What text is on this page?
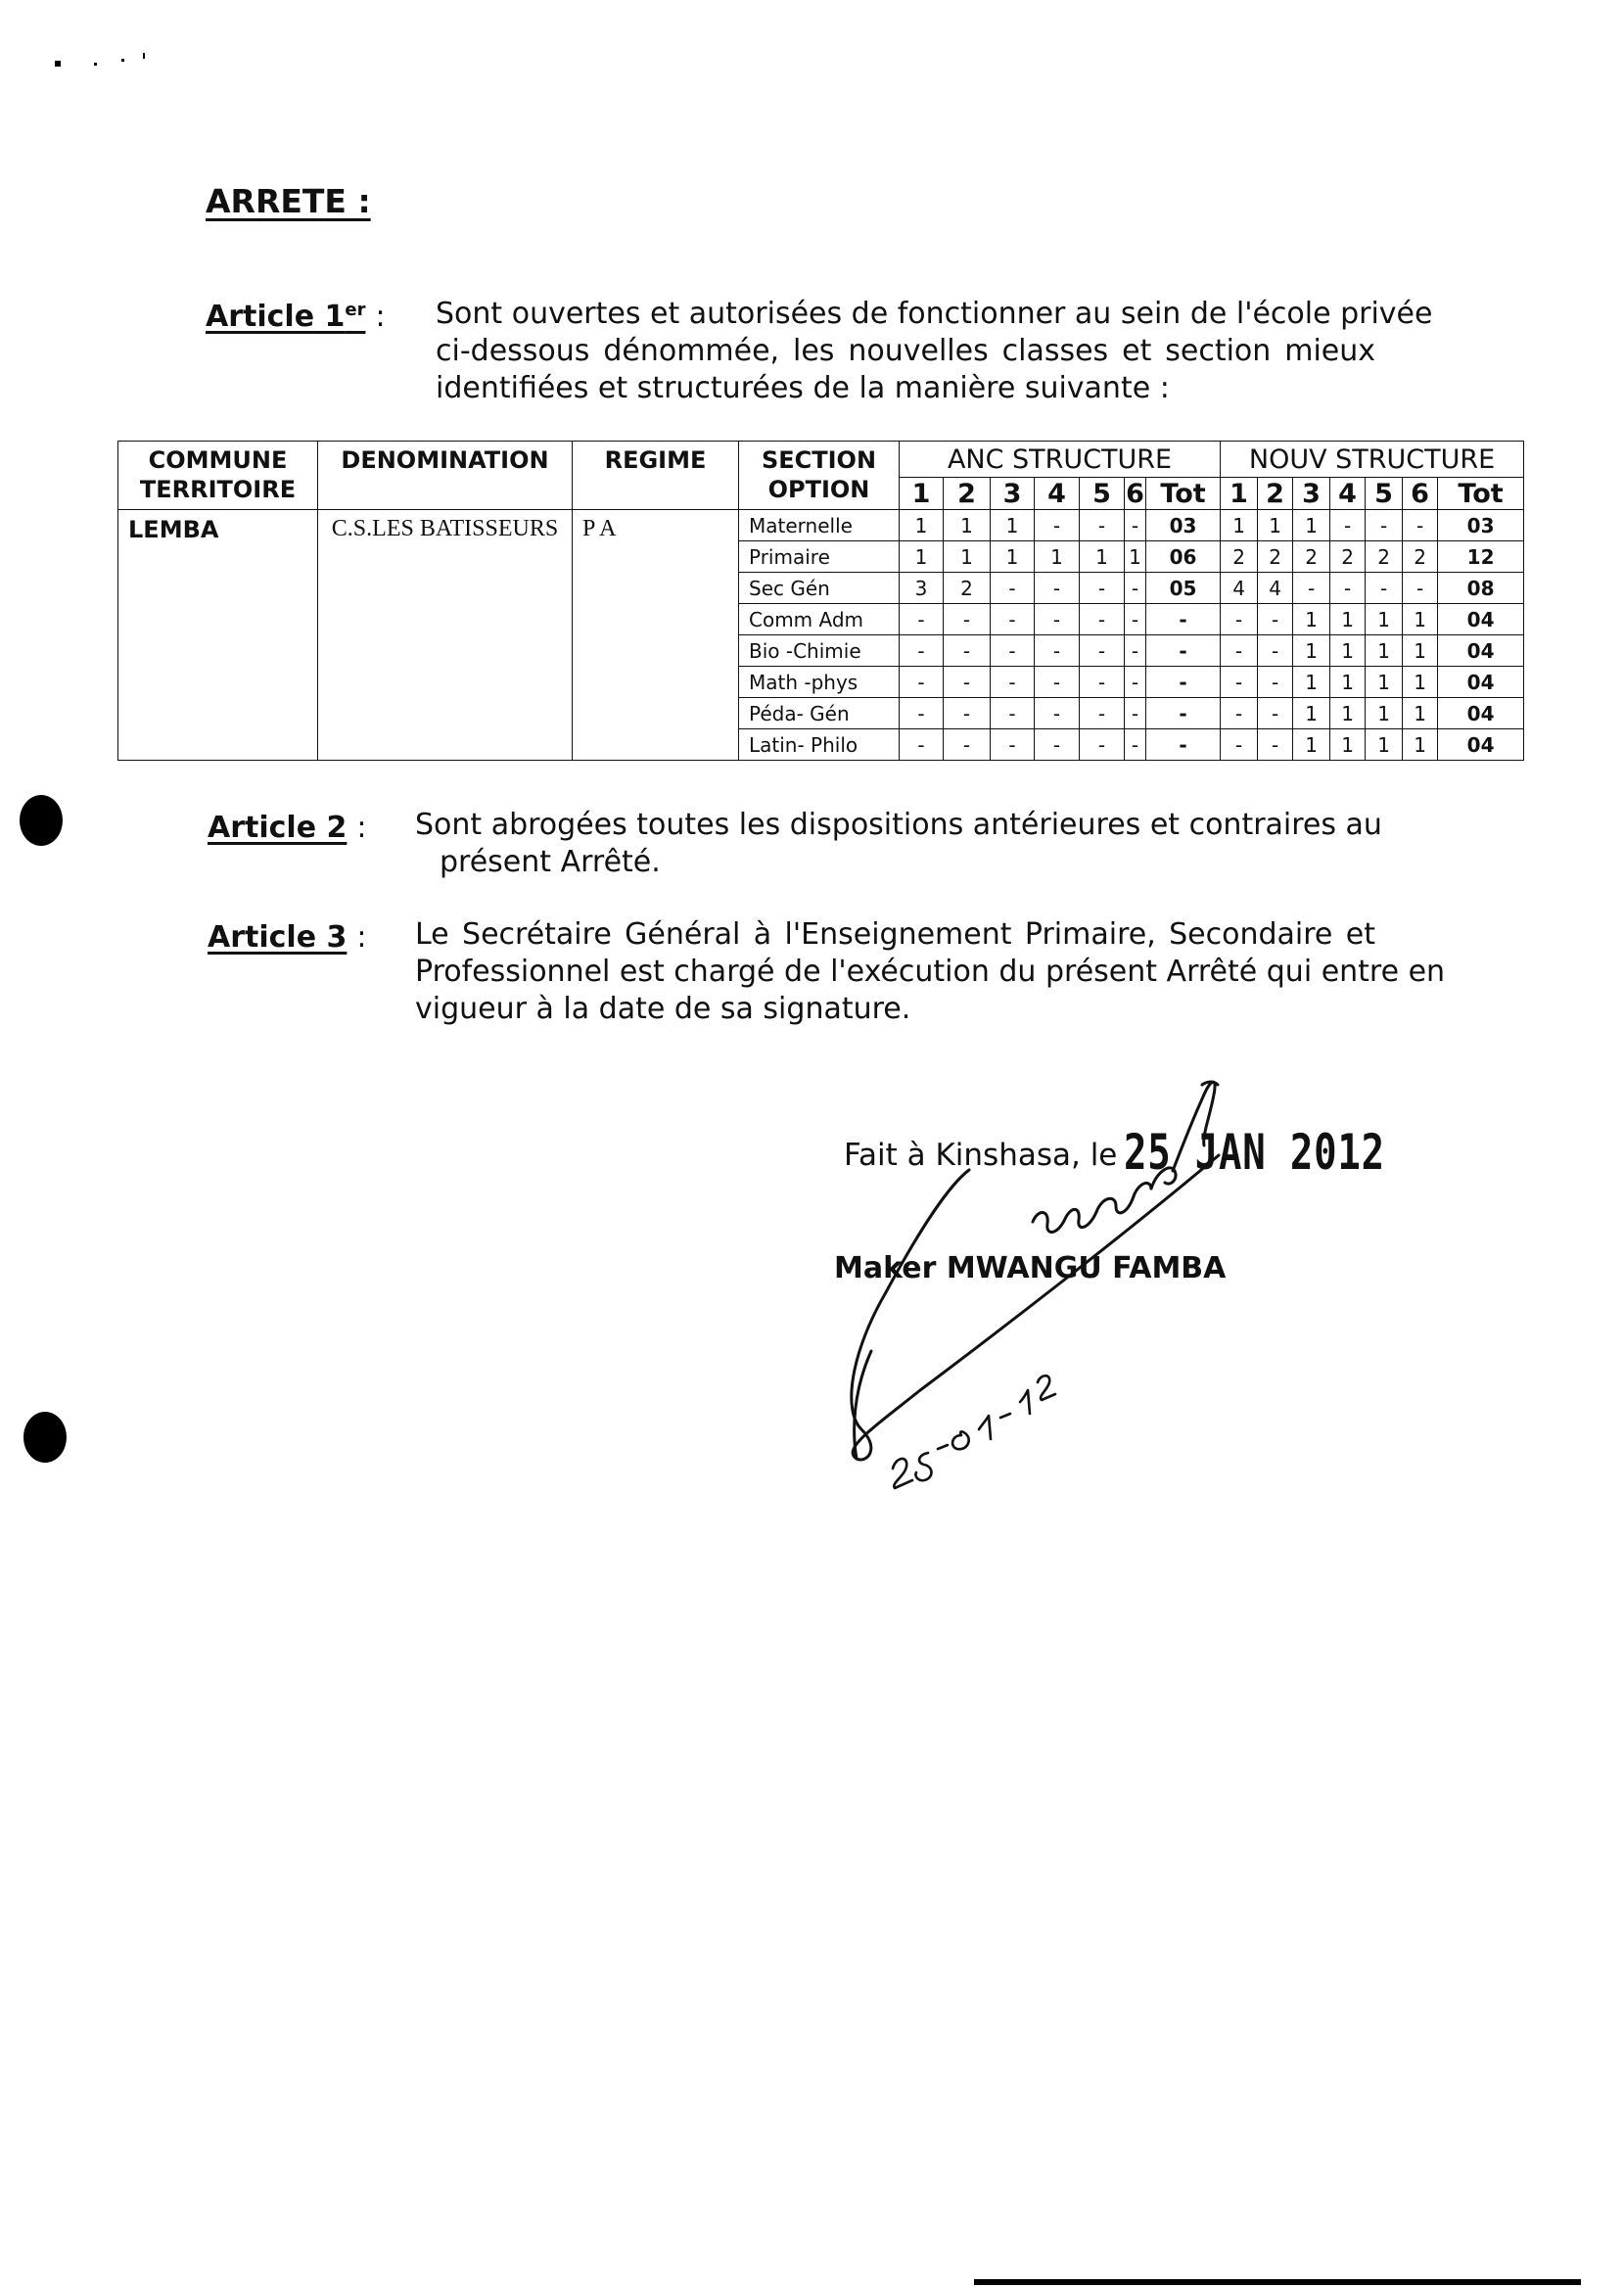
ARRETE :
Article 1er : Sont ouvertes et autorisées de fonctionner au sein de l'école privée
ci-dessous dénommée, les nouvelles classes et section mieux
identifiées et structurées de la manière suivante :
COMMUNE
TERRITOIRE	DENOMINATION	REGIME	SECTION
OPTION	ANC STRUCTURE							NOUV STRUCTURE						
				1	2	3	4	5	6	Tot	1	2	3	4	5	6	Tot
LEMBA	C.S.LES BATISSEURS	P A	Maternelle	1	1	1	-	-	-	03	1	1	1	-	-	-	03
			Primaire	1	1	1	1	1	1	06	2	2	2	2	2	2	12
			Sec Gén	3	2	-	-	-	-	05	4	4	-	-	-	-	08
			Comm Adm	-	-	-	-	-	-	-	-	-	1	1	1	1	04
			Bio -Chimie	-	-	-	-	-	-	-	-	-	1	1	1	1	04
			Math -phys	-	-	-	-	-	-	-	-	-	1	1	1	1	04
			Péda- Gén	-	-	-	-	-	-	-	-	-	1	1	1	1	04
			Latin- Philo	-	-	-	-	-	-	-	-	-	1	1	1	1	04
Article 2 : Sont abrogées toutes les dispositions antérieures et contraires au
présent Arrêté.
Article 3 : Le Secrétaire Général à l'Enseignement Primaire, Secondaire et
Professionnel est chargé de l'exécution du présent Arrêté qui entre en
vigueur à la date de sa signature.
Fait à Kinshasa, le 25 JAN 2012
Maker MWANGU FAMBA
